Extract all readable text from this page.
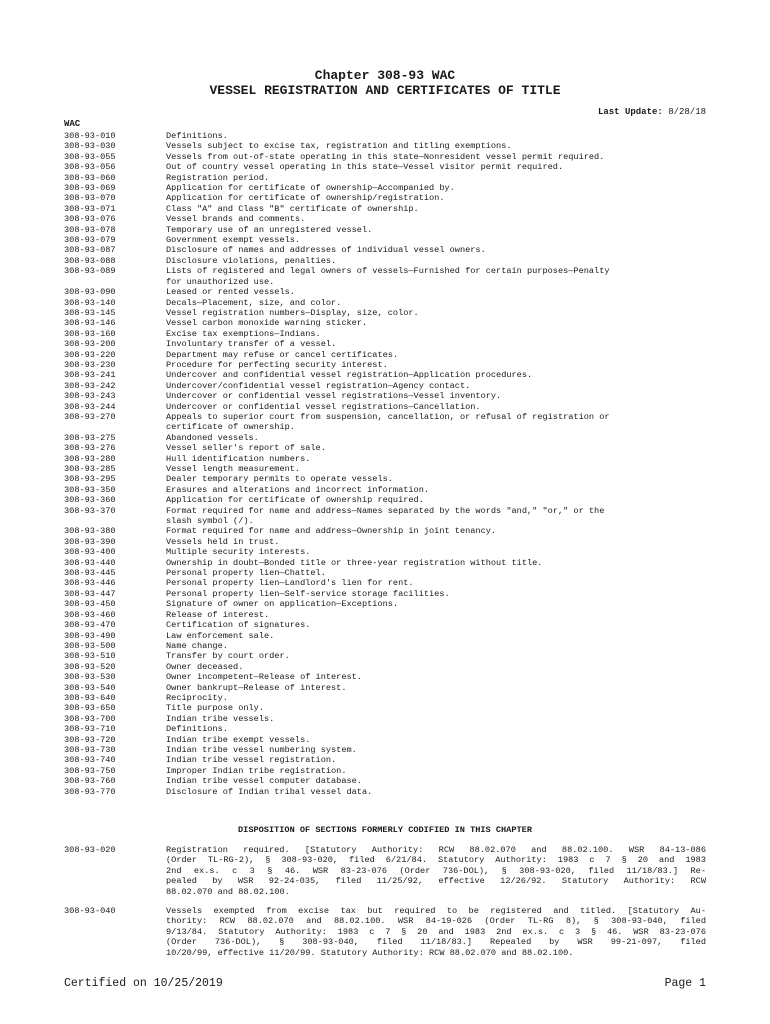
Chapter 308-93 WAC
VESSEL REGISTRATION AND CERTIFICATES OF TITLE
Last Update: 8/28/18
WAC
308-93-010	Definitions.
308-93-030	Vessels subject to excise tax, registration and titling exemptions.
308-93-055	Vessels from out-of-state operating in this state—Nonresident vessel permit required.
308-93-056	Out of country vessel operating in this state—Vessel visitor permit required.
308-93-060	Registration period.
308-93-069	Application for certificate of ownership—Accompanied by.
308-93-070	Application for certificate of ownership/registration.
308-93-071	Class "A" and Class "B" certificate of ownership.
308-93-076	Vessel brands and comments.
308-93-078	Temporary use of an unregistered vessel.
308-93-079	Government exempt vessels.
308-93-087	Disclosure of names and addresses of individual vessel owners.
308-93-088	Disclosure violations, penalties.
308-93-089	Lists of registered and legal owners of vessels—Furnished for certain purposes—Penalty
for unauthorized use.
308-93-090	Leased or rented vessels.
308-93-140	Decals—Placement, size, and color.
308-93-145	Vessel registration numbers—Display, size, color.
308-93-146	Vessel carbon monoxide warning sticker.
308-93-160	Excise tax exemptions—Indians.
308-93-200	Involuntary transfer of a vessel.
308-93-220	Department may refuse or cancel certificates.
308-93-230	Procedure for perfecting security interest.
308-93-241	Undercover and confidential vessel registration—Application procedures.
308-93-242	Undercover/confidential vessel registration—Agency contact.
308-93-243	Undercover or confidential vessel registrations—Vessel inventory.
308-93-244	Undercover or confidential vessel registrations—Cancellation.
308-93-270	Appeals to superior court from suspension, cancellation, or refusal of registration or
certificate of ownership.
308-93-275	Abandoned vessels.
308-93-276	Vessel seller's report of sale.
308-93-280	Hull identification numbers.
308-93-285	Vessel length measurement.
308-93-295	Dealer temporary permits to operate vessels.
308-93-350	Erasures and alterations and incorrect information.
308-93-360	Application for certificate of ownership required.
308-93-370	Format required for name and address—Names separated by the words "and," "or," or the
slash symbol (/).
308-93-380	Format required for name and address—Ownership in joint tenancy.
308-93-390	Vessels held in trust.
308-93-400	Multiple security interests.
308-93-440	Ownership in doubt—Bonded title or three-year registration without title.
308-93-445	Personal property lien—Chattel.
308-93-446	Personal property lien—Landlord's lien for rent.
308-93-447	Personal property lien—Self-service storage facilities.
308-93-450	Signature of owner on application—Exceptions.
308-93-460	Release of interest.
308-93-470	Certification of signatures.
308-93-490	Law enforcement sale.
308-93-500	Name change.
308-93-510	Transfer by court order.
308-93-520	Owner deceased.
308-93-530	Owner incompetent—Release of interest.
308-93-540	Owner bankrupt—Release of interest.
308-93-640	Reciprocity.
308-93-650	Title purpose only.
308-93-700	Indian tribe vessels.
308-93-710	Definitions.
308-93-720	Indian tribe exempt vessels.
308-93-730	Indian tribe vessel numbering system.
308-93-740	Indian tribe vessel registration.
308-93-750	Improper Indian tribe registration.
308-93-760	Indian tribe vessel computer database.
308-93-770	Disclosure of Indian tribal vessel data.
DISPOSITION OF SECTIONS FORMERLY CODIFIED IN THIS CHAPTER
308-93-020	Registration required. [Statutory Authority: RCW 88.02.070 and 88.02.100. WSR 84-13-086
(Order TL-RG-2), § 308-93-020, filed 6/21/84. Statutory Authority: 1983 c 7 § 20 and 1983
2nd ex.s. c 3 § 46. WSR 83-23-076 (Order 736-DOL), § 308-93-020, filed 11/18/83.] Re-
pealed by WSR 92-24-035, filed 11/25/92, effective 12/26/92. Statutory Authority: RCW
88.02.070 and 88.02.100.
308-93-040	Vessels exempted from excise tax but required to be registered and titled. [Statutory Au-
thority: RCW 88.02.070 and 88.02.100. WSR 84-19-026 (Order TL-RG 8), § 308-93-040, filed
9/13/84. Statutory Authority: 1983 c 7 § 20 and 1983 2nd ex.s. c 3 § 46. WSR 83-23-076
(Order 736-DOL), § 308-93-040, filed 11/18/83.] Repealed by WSR 99-21-097, filed
10/20/99, effective 11/20/99. Statutory Authority: RCW 88.02.070 and 88.02.100.
Certified on 10/25/2019	Page 1
